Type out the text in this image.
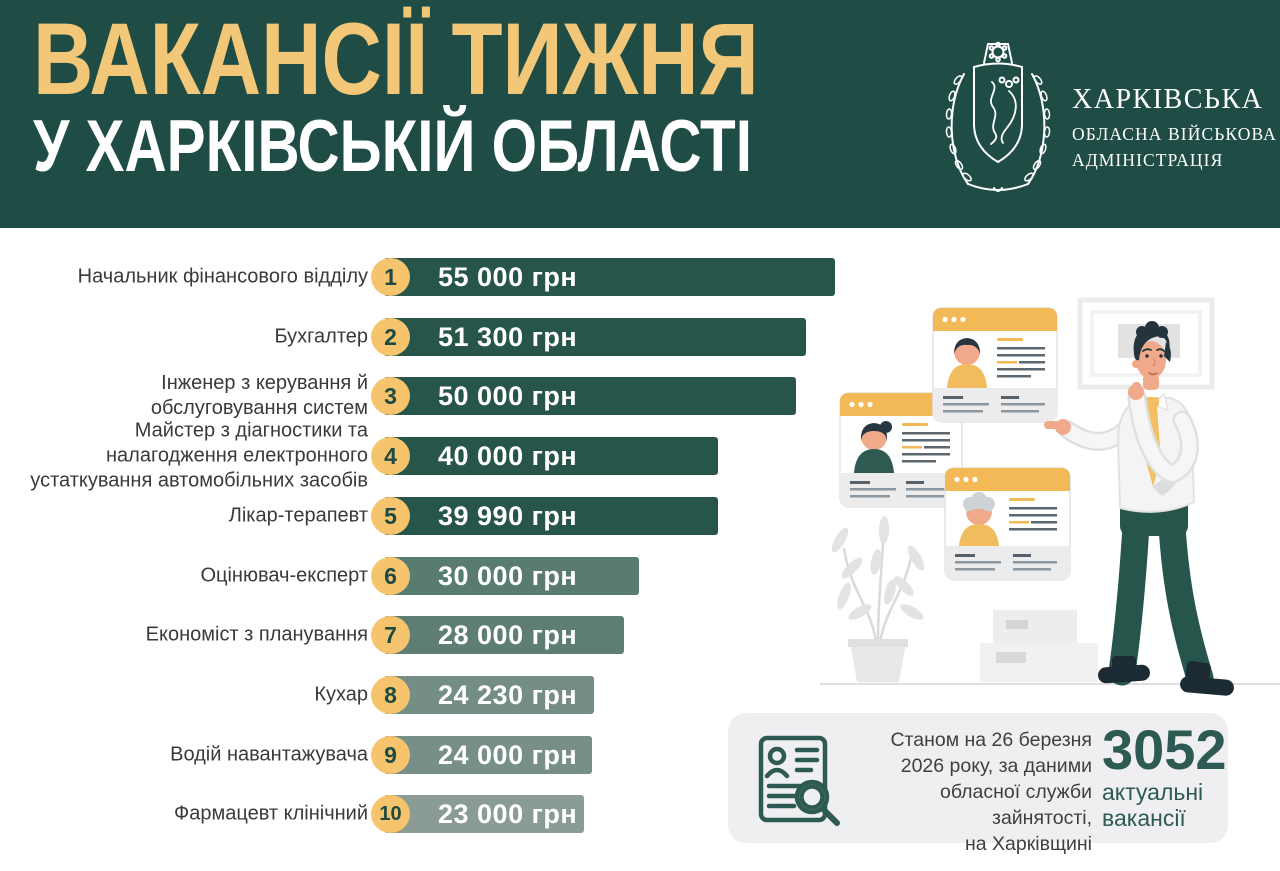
ВАКАНСІЇ ТИЖНЯ
У ХАРКІВСЬКІЙ ОБЛАСТІ
ХАРКІВСЬКА
ОБЛАСНА ВІЙСЬКОВА
АДМІНІСТРАЦІЯ
Начальник фінансового відділу	55 000 грн
1
Бухгалтер	51 300 грн
2
Інженер з керування й
обслуговування систем	50 000 грн
3
Майстер з діагностики та
налагодження електронного
устаткування автомобільних засобів
40 000 грн
4
Лікар-терапевт	39 990 грн
5
Оцінювач-експерт	30 000 грн
6
Економіст з планування	28 000 грн
7
Кухар	24 230 грн
8
Водій навантажувача	24 000 грн
9
Фармацевт клінічний	23 000 грн
10
Станом на 26 березня
2026 року, за даними
обласної служби зайнятості,
на Харківщині
3052
актуальні
вакансії
